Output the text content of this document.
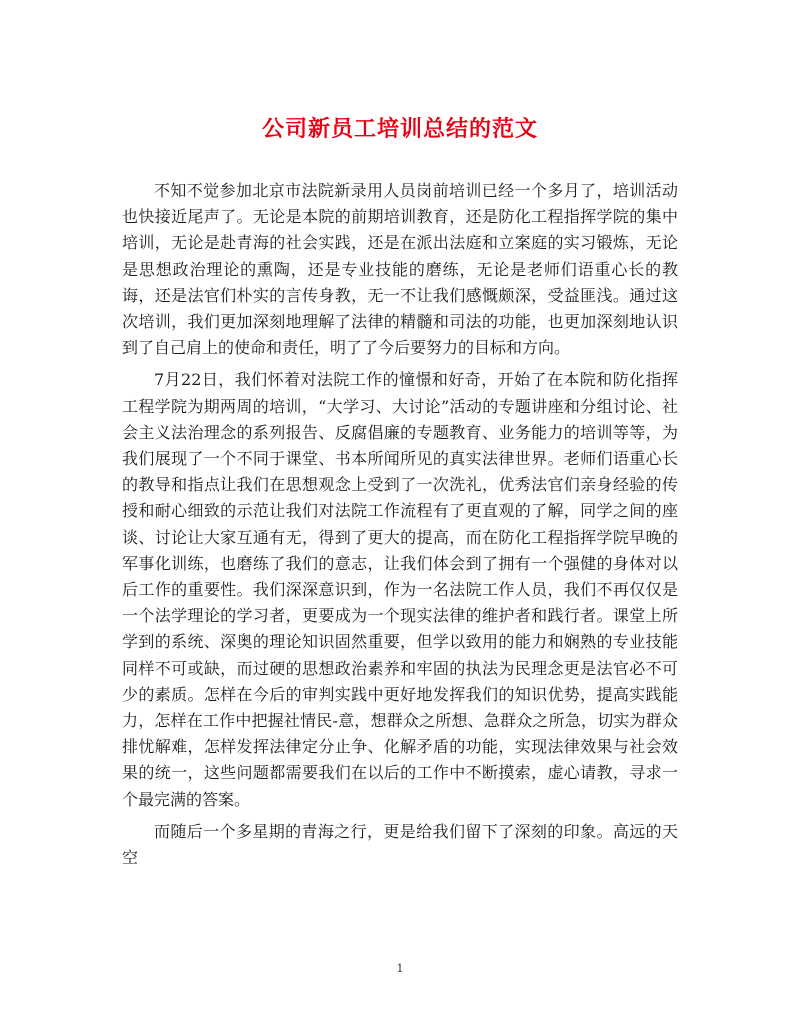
公司新员工培训总结的范文

不知不觉参加北京市法院新录用人员岗前培训已经一个多月了，培训活动也快接近尾声了。无论是本院的前期培训教育，还是防化工程指挥学院的集中培训，无论是赴青海的社会实践，还是在派出法庭和立案庭的实习锻炼，无论是思想政治理论的熏陶，还是专业技能的磨练，无论是老师们语重心长的教诲，还是法官们朴实的言传身教，无一不让我们感慨颇深，受益匪浅。通过这次培训，我们更加深刻地理解了法律的精髓和司法的功能，也更加深刻地认识到了自己肩上的使命和责任，明了了今后要努力的目标和方向。

7月22日，我们怀着对法院工作的憧憬和好奇，开始了在本院和防化指挥工程学院为期两周的培训，“大学习、大讨论”活动的专题讲座和分组讨论、社会主义法治理念的系列报告、反腐倡廉的专题教育、业务能力的培训等等，为我们展现了一个不同于课堂、书本所闻所见的真实法律世界。老师们语重心长的教导和指点让我们在思想观念上受到了一次洗礼，优秀法官们亲身经验的传授和耐心细致的示范让我们对法院工作流程有了更直观的了解，同学之间的座谈、讨论让大家互通有无，得到了更大的提高，而在防化工程指挥学院早晚的军事化训练，也磨练了我们的意志，让我们体会到了拥有一个强健的身体对以后工作的重要性。我们深深意识到，作为一名法院工作人员，我们不再仅仅是一个法学理论的学习者，更要成为一个现实法律的维护者和践行者。课堂上所学到的系统、深奥的理论知识固然重要，但学以致用的能力和娴熟的专业技能同样不可或缺，而过硬的思想政治素养和牢固的执法为民理念更是法官必不可少的素质。怎样在今后的审判实践中更好地发挥我们的知识优势，提高实践能力，怎样在工作中把握社情民-意，想群众之所想、急群众之所急，切实为群众排忧解难，怎样发挥法律定分止争、化解矛盾的功能，实现法律效果与社会效果的统一，这些问题都需要我们在以后的工作中不断摸索，虚心请教，寻求一个最完满的答案。

而随后一个多星期的青海之行，更是给我们留下了深刻的印象。高远的天空

1
